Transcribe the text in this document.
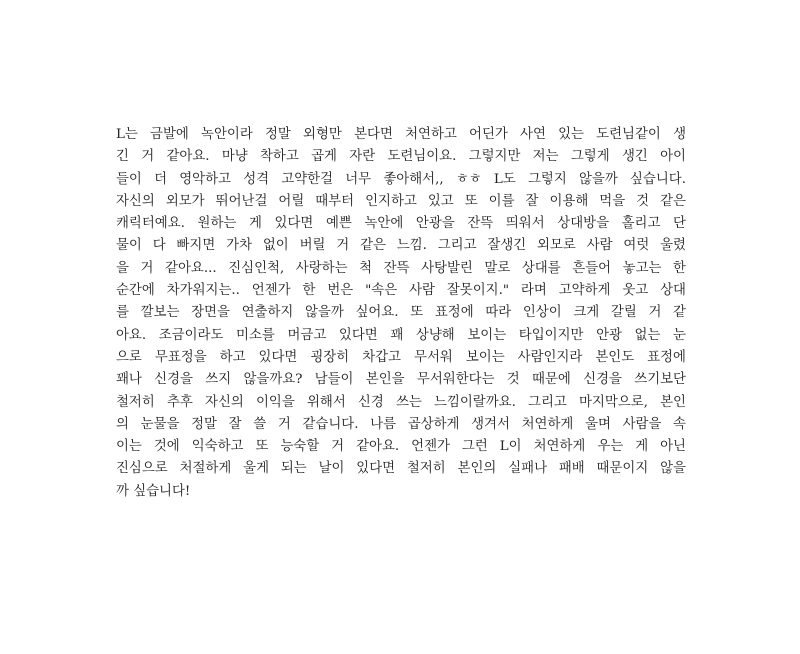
L는 금발에 녹안이라 정말 외형만 본다면 처연하고 어딘가 사연 있는 도련님같이 생
긴 거 같아요. 마냥 착하고 곱게 자란 도련님이요. 그렇지만 저는 그렇게 생긴 아이
들이 더 영악하고 성격 고약한걸 너무 좋아해서,, ㅎㅎ L도 그렇지 않을까 싶습니다.
자신의 외모가 뛰어난걸 어릴 때부터 인지하고 있고 또 이를 잘 이용해 먹을 것 같은
캐릭터예요. 원하는 게 있다면 예쁜 녹안에 안광을 잔뜩 띄워서 상대방을 홀리고 단
물이 다 빠지면 가차 없이 버릴 거 같은 느낌. 그리고 잘생긴 외모로 사람 여럿 울렸
을 거 같아요... 진심인척, 사랑하는 척 잔뜩 사탕발린 말로 상대를 흔들어 놓고는 한
순간에 차가워지는.. 언젠가 한 번은 "속은 사람 잘못이지." 라며 고약하게 웃고 상대
를 깔보는 장면을 연출하지 않을까 싶어요. 또 표정에 따라 인상이 크게 갈릴 거 같
아요. 조금이라도 미소를 머금고 있다면 꽤 상냥해 보이는 타입이지만 안광 없는 눈
으로 무표정을 하고 있다면 굉장히 차갑고 무서워 보이는 사람인지라 본인도 표정에
꽤나 신경을 쓰지 않을까요? 남들이 본인을 무서워한다는 것 때문에 신경을 쓰기보단
철저히 추후 자신의 이익을 위해서 신경 쓰는 느낌이랄까요. 그리고 마지막으로, 본인
의 눈물을 정말 잘 쓸 거 같습니다. 나름 곱상하게 생겨서 처연하게 울며 사람을 속
이는 것에 익숙하고 또 능숙할 거 같아요. 언젠가 그런 L이 처연하게 우는 게 아닌
진심으로 처절하게 울게 되는 날이 있다면 철저히 본인의 실패나 패배 때문이지 않을
까 싶습니다!
